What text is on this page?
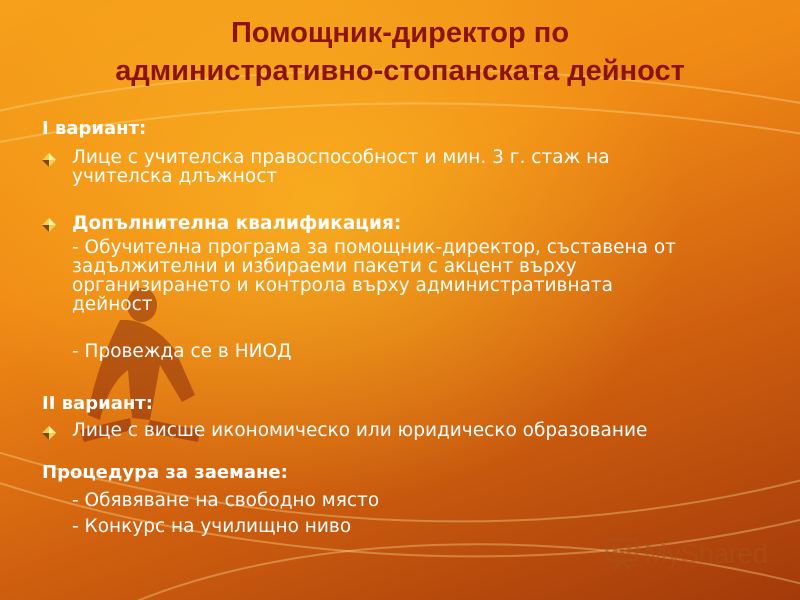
Помощник-директор по
административно-стопанската дейност
I вариант:
Лице с учителска правоспособност и мин. 3 г. стаж на
учителска длъжност
Допълнителна квалификация:
- Обучителна програма за помощник-директор, съставена от
задължителни и избираеми пакети с акцент върху
организирането и контрола върху административната
дейност
- Провежда се в НИОД
II вариант:
Лице с висше икономическо или юридическо образование
Процедура за заемане:
- Обявяване на свободно място
- Конкурс на училищно ниво
MyShared
